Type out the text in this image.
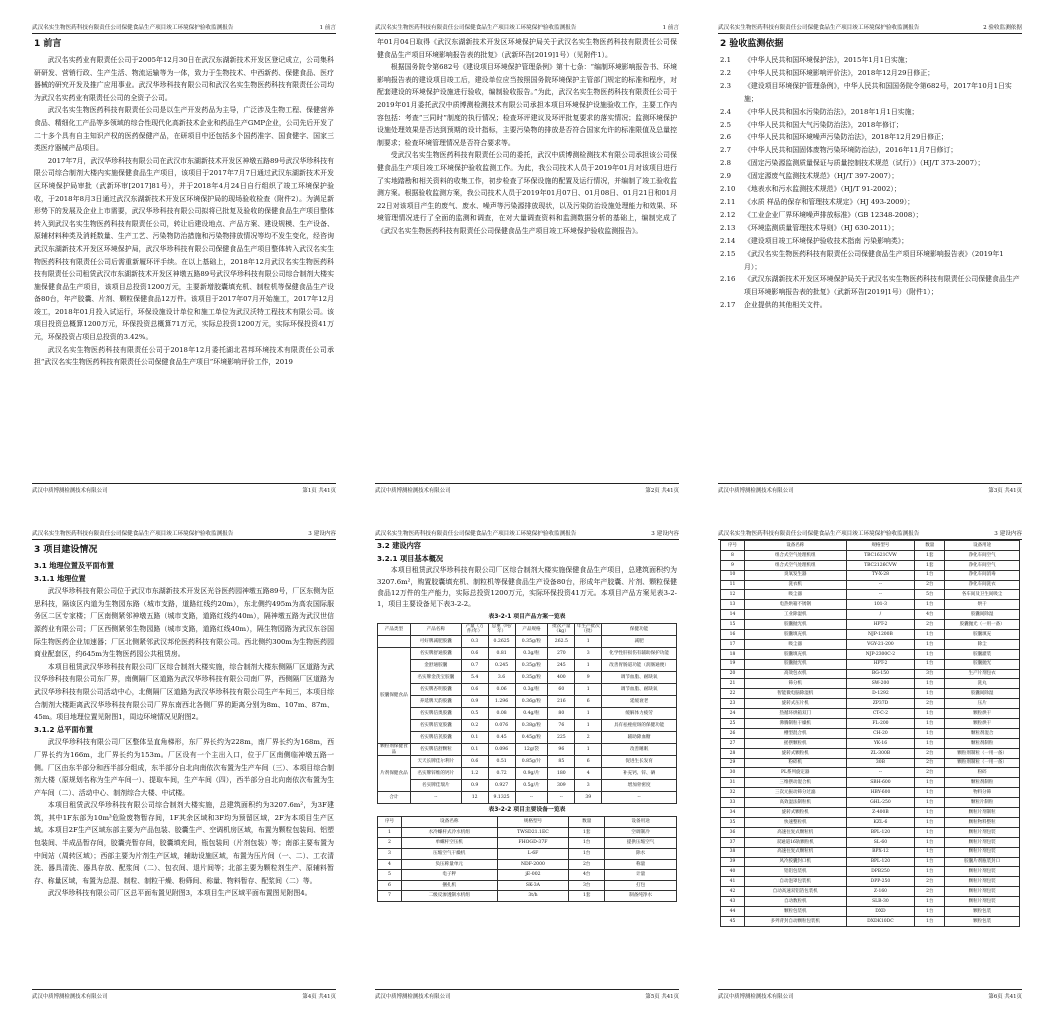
武汉名实生物医药科技有限责任公司保健食品生产项目竣工环境保护验收监测报告	1 前言
1 前言

武汉名实药业有限责任公司于2005年12月30日在武汉东湖新技术开发区登记成立，公司集科研研发、营销行政、生产生活、物流运输等为一体，致力于生物技术、中西新药、保健食品、医疗器械的研究开发及推广应用事业。武汉华珍科技有限公司和武汉名实生物医药科技有限责任公司均为武汉名实药业有限责任公司的全资子公司。

武汉名实生物医药科技有限责任公司是以生产开发药品为主导，广泛涉及生物工程、保健营养食品、精细化工产品等多领域的综合性现代化高新技术企业和药品生产GMP企业，公司先后开发了二十多个具有自主知识产权的医药保健产品，在研项目中还包括多个国药准字、国食健字、国家三类医疗器械产品项目。

2017年7月，武汉华珍科技有限公司在武汉市东湖新技术开发区神墩五路89号武汉华珍科技有限公司综合制剂大楼内实施保健食品生产项目，该项目于2017年7月7日通过武汉东湖新技术开发区环境保护局审批（武新环审[2017]81号），并于2018年4月24日自行组织了竣工环境保护验收，于2018年8月3日通过武汉东湖新技术开发区环境保护局的现场验收检查（附件2）。为满足新形势下的发展及企业上市需要，武汉华珍科技有限公司拟将已批复及验收的保健食品生产项目整体转入到武汉名实生物医药科技有限责任公司，转让后建设地点、产品方案、建设规模、生产设备、原辅材料种类及消耗数量、生产工艺、污染物防治措施和污染物排放情况等均不发生变化，经咨询武汉东湖新技术开发区环境保护局，武汉华珍科技有限公司保健食品生产项目整体转入武汉名实生物医药科技有限责任公司后需重新履环评手续。在以上基础上，2018年12月武汉名实生物医药科技有限责任公司租赁武汉市东湖新技术开发区神墩五路89号武汉华珍科技有限公司综合制剂大楼实施保健食品生产项目，该项目总投资1200万元，主要新增胶囊填充机、制粒机等保健食品生产设备80台，年产胶囊、片剂、颗粒保健食品12万件。该项目于2017年07月开始施工，2017年12月竣工，2018年01月投入试运行，环保设施设计单位和施工单位为武汉沃特工程技术有限公司。该项目投资总概算1200万元，环保投资总概算71万元，实际总投资1200万元，实际环保投资41万元，环保投资占项目总投资的3.42%。

武汉名实生物医药科技有限责任公司于2018年12月委托湖北君邦环境技术有限责任公司承担“武汉名实生物医药科技有限责任公司保健食品生产项目”环境影响评价工作，2019

武汉中质博测检测技术有限公司	第1页 共41页
武汉名实生物医药科技有限责任公司保健食品生产项目竣工环境保护验收监测报告	1 前言

年01月04日取得《武汉东湖新技术开发区环境保护局关于武汉名实生物医药科技有限责任公司保健食品生产项目环境影响报告表的批复》（武新环告[2019]1号）（见附件1）。

根据国务院令第682号《建设项目环境保护管理条例》第十七条：“编制环境影响报告书、环境影响报告表的建设项目竣工后，建设单位应当按照国务院环境保护主管部门规定的标准和程序，对配套建设的环境保护设施进行验收，编制验收报告。”为此，武汉名实生物医药科技有限责任公司于2019年01月委托武汉中质博测检测技术有限公司承担本项目环境保护设施验收工作，主要工作内容包括：考查“三同时”制度的执行情况；检查环评建议及环评批复要求的落实情况；监测环境保护设施处理效果是否达到预期的设计指标，主要污染物的排放是否符合国家允许的标准限值及总量控制要求；检查环境管理情况是否符合要求等。

受武汉名实生物医药科技有限责任公司的委托，武汉中质博测检测技术有限公司承担该公司保健食品生产项目竣工环境保护验收监测工作。为此，我公司技术人员于2019年01月对该项目进行了实地踏勘和相关资料的收集工作，初步检查了环保设施的配置及运行情况，并编制了竣工验收监测方案。根据验收监测方案，我公司技术人员于2019年01月07日、01月08日、01月21日和01月22日对该项目产生的废气、废水、噪声等污染源排放现状，以及污染防治设施处理能力和效果、环境管理情况进行了全面的监测和调查，在对大量调查资料和监测数据分析的基础上，编制完成了《武汉名实生物医药科技有限责任公司保健食品生产项目竣工环境保护验收监测报告》。

武汉中质博测检测技术有限公司	第2页 共41页
武汉名实生物医药科技有限责任公司保健食品生产项目竣工环境保护验收监测报告	2 验收监测依据
2 验收监测依据
2.1	《中华人民共和国环境保护法》，2015年1月1日实施；
2.2	《中华人民共和国环境影响评价法》，2018年12月29日修正；
2.3	《建设项目环境保护管理条例》，中华人民共和国国务院令第682号，2017年10月1日实施；
2.4	《中华人民共和国水污染防治法》，2018年1月1日实施；
2.5	《中华人民共和国大气污染防治法》，2018年修订；
2.6	《中华人民共和国环境噪声污染防治法》，2018年12月29日修正；
2.7	《中华人民共和国固体废物污染环境防治法》，2016年11月7日修订；
2.8	《固定污染源监测质量保证与质量控制技术规范（试行）》（HJ/T 373-2007）；
2.9	《固定源废气监测技术规范》（HJ/T 397-2007）；
2.10	《地表水和污水监测技术规范》（HJ/T 91-2002）；
2.11	《水质 样品的保存和管理技术规定》（HJ 493-2009）；
2.12	《工业企业厂界环境噪声排放标准》（GB 12348-2008）；
2.13	《环境监测质量管理技术导则》（HJ 630-2011）；
2.14	《建设项目竣工环境保护验收技术指南 污染影响类》；
2.15	《武汉名实生物医药科技有限责任公司保健食品生产项目环境影响报告表》（2019年1月）；
2.16	《武汉东湖新技术开发区环境保护局关于武汉名实生物医药科技有限责任公司保健食品生产项目环境影响报告表的批复》（武新环告[2019]1号）（附件1）；
2.17	企业提供的其他相关文件。
武汉中质博测检测技术有限公司	第3页 共41页
武汉名实生物医药科技有限责任公司保健食品生产项目竣工环境保护验收监测报告	3 建设内容
3 项目建设情况
3.1 地理位置及平面布置
3.1.1 地理位置

武汉华珍科技有限公司位于武汉市东湖新技术开发区光谷医药园神墩五路89号，厂区东侧为臣思科技，隔该区内道为生物园东路（城市支路，道路红线约20m），东北侧约495m为高农国际服务区二区专家楼；厂区南侧紧邻神墩五路（城市支路，道路红线约40m），隔神墩五路为武汉世信源药业有限公司；厂区西侧紧邻生物园路（城市支路，道路红线40m），隔生物园路为武汉东谷国际生物医药企业加速器；厂区北侧紧邻武汉邦伦医药科技有限公司。西北侧约300m为生物医药园商业配套区，约645m为生物医药园公共租赁房。

本项目租赁武汉华珍科技有限公司厂区综合制剂大楼实施，综合制剂大楼东侧隔厂区道路为武汉华珍科技有限公司东厂界，南侧隔厂区道路为武汉华珍科技有限公司南厂界，西侧隔厂区道路为武汉华珍科技有限公司活动中心，北侧隔厂区道路为武汉华珍科技有限公司生产车间三，本项目综合制剂大楼距离武汉华珍科技有限公司厂界东南西北各侧厂界的距离分别为8m、107m、87m、45m。项目地理位置见附图1，周边环境情况见附图2。

3.1.2 总平面布置

武汉华珍科技有限公司厂区整体呈直角梯形，东厂界长约为228m，南厂界长约为168m，西厂界长约为166m，北厂界长约为153m。厂区设有一个主出入口，位于厂区南侧临神墩五路一侧。厂区由东半部分和西半部分组成，东半部分自北向南依次布置为生产车间（三）、本项目综合制剂大楼（原规划名称为生产车间一）、提取车间，生产车间（四），西半部分自北向南依次布置为生产车间（二）、活动中心、制剂综合大楼、中试楼。

本项目租赁武汉华珍科技有限公司综合制剂大楼实施，总建筑面积约为3207.6m²，为3F建筑，其中1F东部为10m³危险废物暂存间，1F其余区域和3F均为预留区域，2F为本项目生产区域。本项目2F生产区域东部主要为产品包装、胶囊生产、空调机房区域，布置为颗粒包装间、铝塑包装间、半成品暂存间，胶囊壳暂存间，胶囊填充间，瓶包装间（片剂包装）等；南部主要布置为中间站（周转区域）；西部主要为片剂生产区域，辅助设施区域，布置为压片间（一、二）、工衣清洗、器具清洗、器具存放、配浆间（二）、包衣间、退片间等；北部主要为颗粒剂生产、原辅料暂存、称量区域，布置为总混、制粒、制粒干燥、粉筛间、称量、物料暂存、配浆间（二）等。

武汉华珍科技有限公司厂区总平面布置见附图3，本项目生产区域平面布置图见附图4。

武汉中质博测检测技术有限公司	第4页 共41页
武汉名实生物医药科技有限责任公司保健食品生产项目竣工环境保护验收监测报告	3 建设内容
3.2 建设内容
3.2.1 项目基本概况

本项目租赁武汉华珍科技有限公司厂区综合制剂大楼实施保健食品生产项目，总建筑面积约为3207.6m²，购置胶囊填充机、制粒机等保健食品生产设备80台，形成年产胶囊、片剂、颗粒保健食品12万件的生产能力，实际总投资1200万元，实际环保投资41万元。本项目产品方案见表3-2-1，项目主要设备见下表3-2-2。

表3-2-1 项目产品方案一览表
产品类型	产品名称	产量（万件/年）	总重（吨/年）	产品规格	批次产量（kg）	年生产批次（批）	保健功能
	可好牌减肥胶囊	0.3	0.2625	0.35g/粒	262.5	1	减肥
胶囊保健食品	名实牌舒通胶囊	0.6	0.81	0.3g/粒	270	3	化学性肝损伤有辅助保护功能
	金舒通胶囊	0.7	0.245	0.35g/粒	245	1	改善胃肠道功能（润肠通便）
	名实牌金芪宝胶囊	5.4	3.6	0.35g/粒	400	9	调节血脂、耐缺氧
	名实牌杏明胶囊	0.6	0.06	0.3g/粒	60	1	调节血脂、耐缺氧
	养延牌天韵胶囊	0.9	1.296	0.36g/粒	216	6	延缓衰老
	名实牌信奥胶囊	0.5	0.08	0.4g/粒	80	1	缓解体力疲劳
	名实牌倍宽胶囊	0.2	0.076	0.38g/粒	76	1	具有祛痤痘斑的保健功能
	名实牌信芪胶囊	0.1	0.45	0.45g/粒	225	2	辅助降血糖
颗粒剂保健食品	名实牌信舒颗粒	0.1	0.096	12g/袋	96	1	改善睡眠
片剂保健食品	天天长牌佳尔利片	0.6	0.51	0.85g/片	85	6	促进生长发育
	名实牌锌维的钙片	1.2	0.72	0.9g/片	180	4	补充钙、锌、硒
	名实牌佳瑞片	0.9	0.927	0.5g/片	309	3	增加骨密度
合计	--	12	9.1325	--	--	39	--
表3-2-2 项目主要设备一览表
序号	设备名称	规格型号	数量	设备用途
1	水冷螺杆式冷水机组	TWSD21.1EC	1套	空调制冷
2	单螺杆空压机	FHOGD-37F	1台	提供压缩空气
3	压缩空气干燥机	L-6F	1台	除水
4	负压称量单元	NDF-2000	2台	称量
5	电子秤	jE-002	4台	计量
6	捆扎机	SK-3A	3台	打包
7	二级反渗透制水机组	3t/h	1套	制备纯净水
武汉中质博测检测技术有限公司	第5页 共41页
武汉名实生物医药科技有限责任公司保健食品生产项目竣工环境保护验收监测报告	3 建设内容
序号	设备名称	规格型号	数量	设备用途
8	组合式空气处理机组	TBC1621CVW	1套	净化车间空气
9	组合式空气处理机组	TBC2126CVW	1套	净化车间空气
10	臭氧发生器	TY-X-28	1台	净化车间消毒
11	洗衣机	--	2台	净化车间洗衣
12	吸尘器	--	5台	各车间及卫生间吸尘
13	电热烘箱不锈钢	101-3	1台	烘干
14	工业除湿机	/	4台	胶囊间除湿
15	胶囊抛光机	HPT-2	2台	胶囊抛光（一用一备）
16	胶囊填充机	NJP-1200B	1台	胶囊填充
17	吸尘器	VGY-21-200	1台	除尘
18	胶囊填充机	NJP-2300C-2	1台	胶囊灌装
19	胶囊抛光机	HPT-2	1台	胶囊抛光
20	高效包衣机	BG-150	3台	生产片剂包衣
21	筛分机	SW-200	1台	洗丸
22	智能微电脑除湿机	D-1292	1台	胶囊间除湿
23	旋转式压片机	ZP37D	2台	压片
24	热循环烘箱双门	CT-C-2	1台	颗粒烘干
25	沸腾制粒干燥机	FL-200	1台	颗粒烘干
26	槽型混合机	CH-20	1台	颗粒剂混合
27	摇摆颗粒机	YK-16	1台	颗粒剂制粒
28	旋转式颗粒机	ZL-300B	2台	颗粒剂制粒（一用一备）
29	粉碎机	30B	2台	颗粒剂制粒（一用一备）
30	PL系列旋定器	--	2台	粉碎
31	三维摆动混合机	SBH-600	1台	颗粒剂制粒
32	三次元振动筛分过滤	HBY-600	1台	物料分筛
33	高效湿法制粒机	GHL-250	1台	颗粒片制粒
34	旋转式颗粒机	Z-400B	1台	颗粒片剂制粒
35	快速整粒机	KZL-6	1台	颗粒物料整粒
36	高速往复式颗粒机	BPL-120	1台	颗粒片剂包装
37	双通道16轨颗粒机	SL-60	1台	颗粒片剂包装
38	高速往复式颗粒机	BPX-12	1台	颗粒片剂包装
39	风冷胶囊封口机	BPL-120	1台	胶囊片剂瓶装封口
40	铝铝包装机	DPB250	1台	颗粒片剂包装
41	自动泡罩包装机	DPP-250	2台	颗粒片剂包装
42	自动高速双铝箔包装机	Z-160	2台	颗粒片剂包装
43	自动数粒机	SLB-30	1台	颗粒片剂包装
44	颗粒包装机	DXD	1台	颗粒包装
45	多列背封自动颗粒包装机	DXDK10DC	1台	颗粒包装
武汉中质博测检测技术有限公司	第6页 共41页
